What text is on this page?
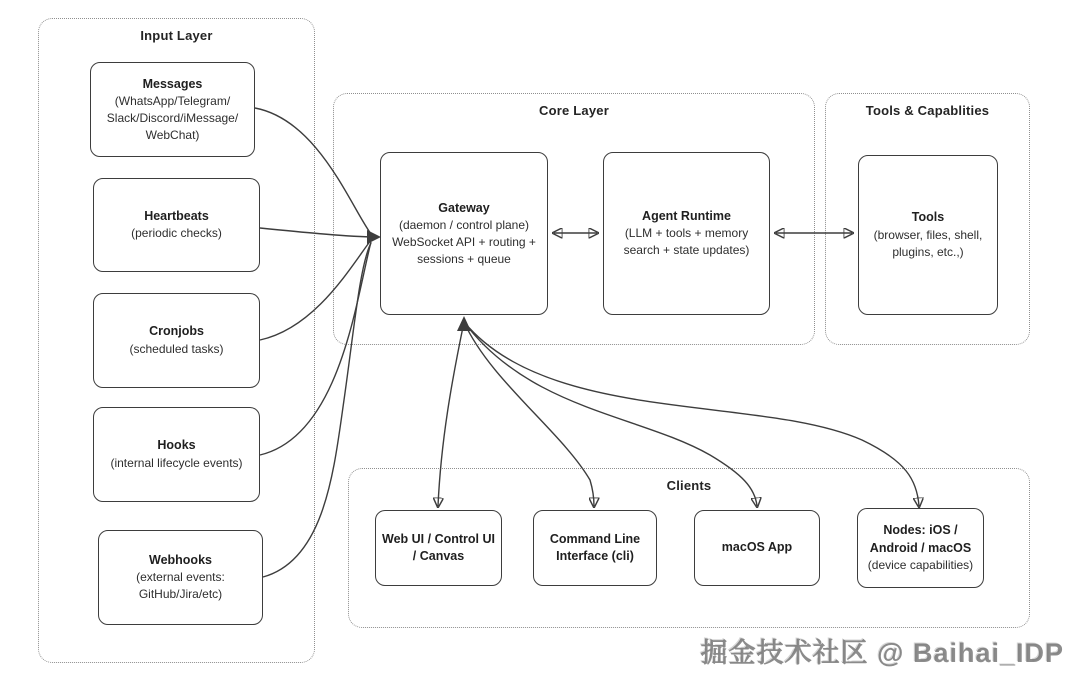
Input Layer
Messages
(WhatsApp/Telegram/
Slack/Discord/iMessage/
WebChat)
Heartbeats
(periodic checks)
Cronjobs
(scheduled tasks)
Hooks
(internal lifecycle events)
Webhooks
(external events:
GitHub/Jira/etc)
Core Layer
Gateway
(daemon / control plane)
WebSocket API + routing +
sessions + queue
Agent Runtime
(LLM + tools + memory
search + state updates)
Tools & Capablities
Tools
(browser, files, shell,
plugins, etc.,)
Clients
Web UI / Control UI / Canvas
Command Line Interface (cli)
macOS App
Nodes: iOS / Android / macOS
(device capabilities)
掘金技术社区 @ Baihai_IDP
